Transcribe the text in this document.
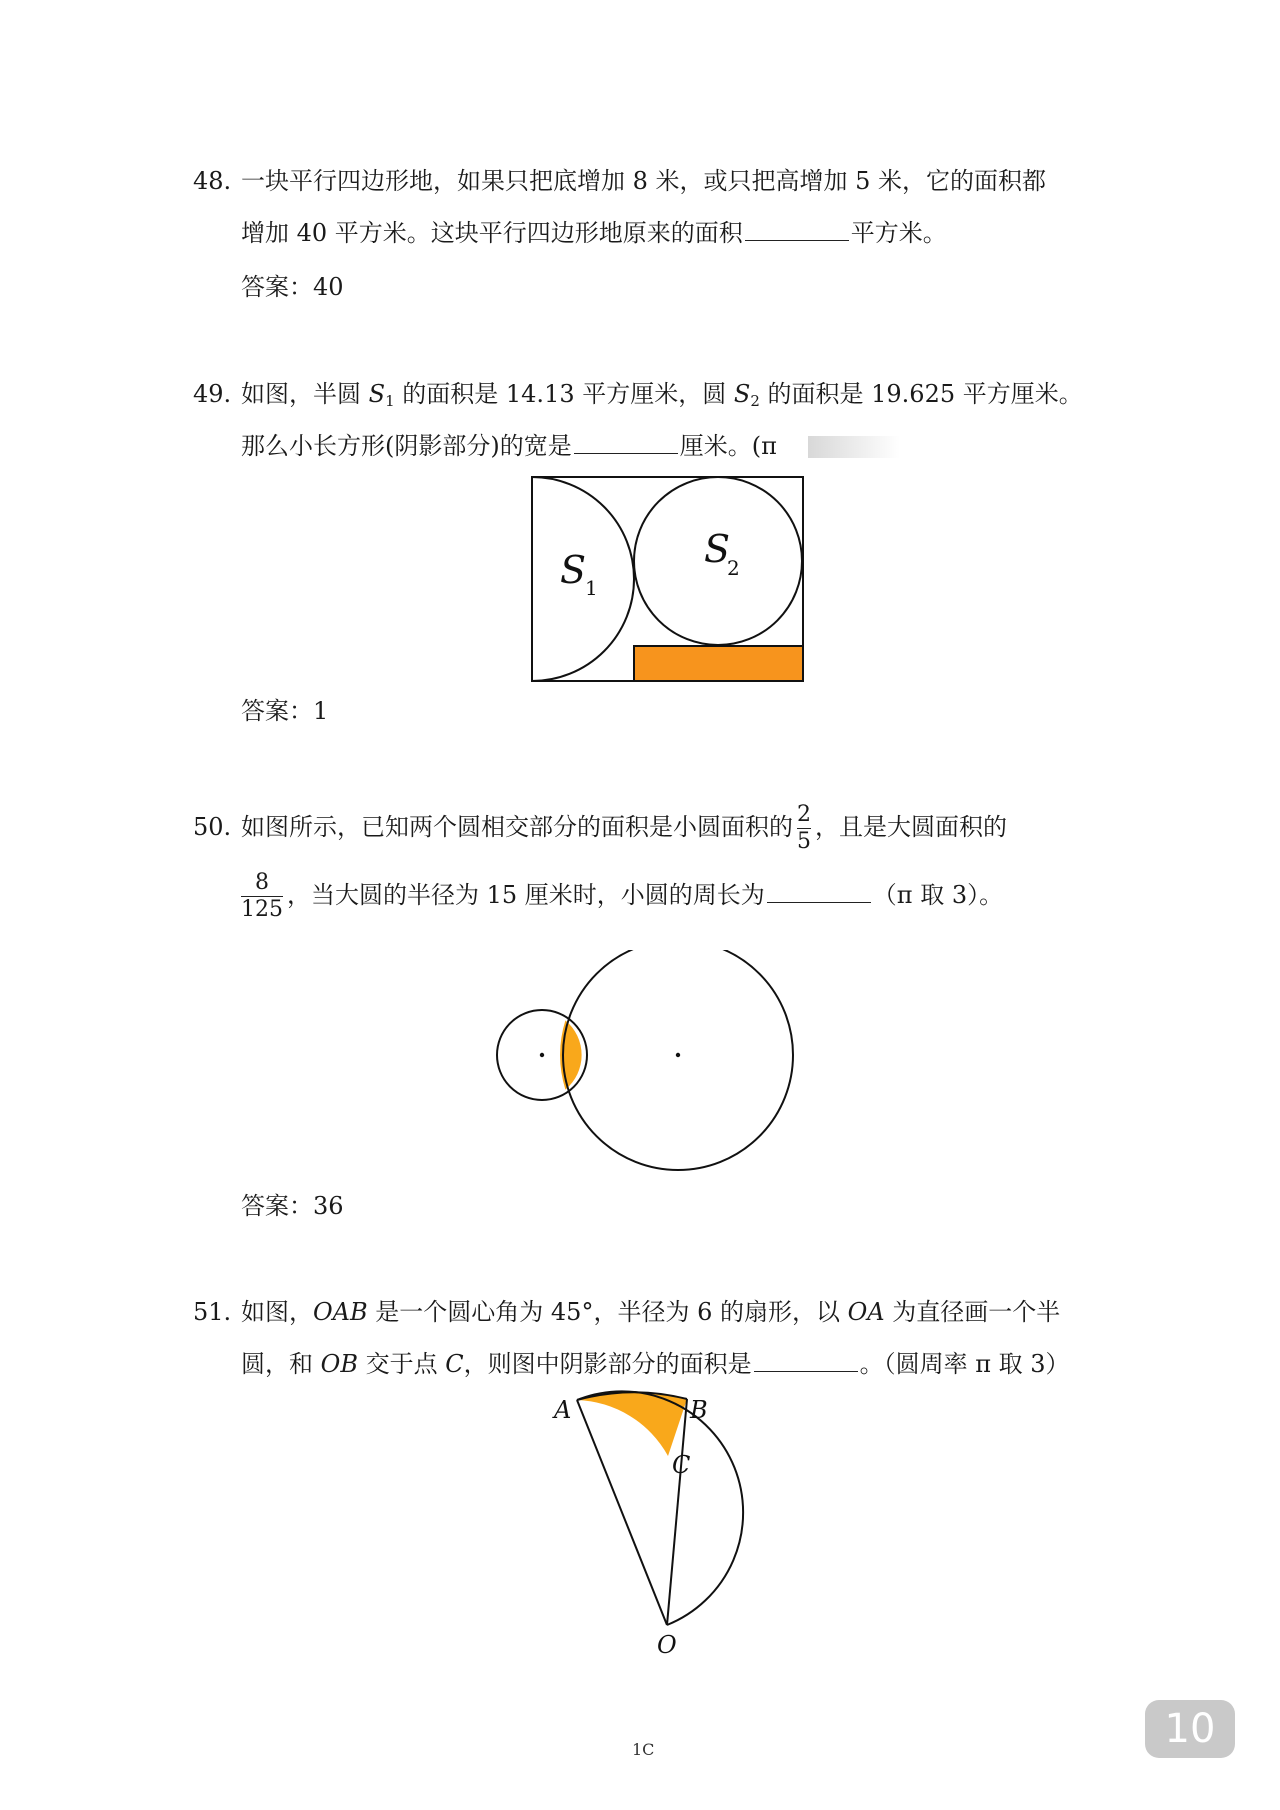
48. 一块平行四边形地，如果只把底增加 8 米，或只把高增加 5 米，它的面积都
增加 40 平方米。这块平行四边形地原来的面积	平方米。
答案：40
49. 如图，半圆 $S_1$ 的面积是 14.13 平方厘米，圆 $S_2$ 的面积是 19.625 平方厘米。
那么小长方形(阴影部分)的宽是	厘米。(π
S
1
S
2
答案：1
50. 如图所示，已知两个圆相交部分的面积是小圆面积的 $\frac{2}{5}$ ，且是大圆面积的
$\frac{8}{125}$ ，当大圆的半径为 15 厘米时，小圆的周长为	（π 取 3）。
答案：36
51. 如图，OAB 是一个圆心角为 45°，半径为 6 的扇形，以 OA 为直径画一个半
圆，和 OB 交于点 C，则图中阴影部分的面积是	。（圆周率 π 取 3）
A	B
C
O
1C	10
